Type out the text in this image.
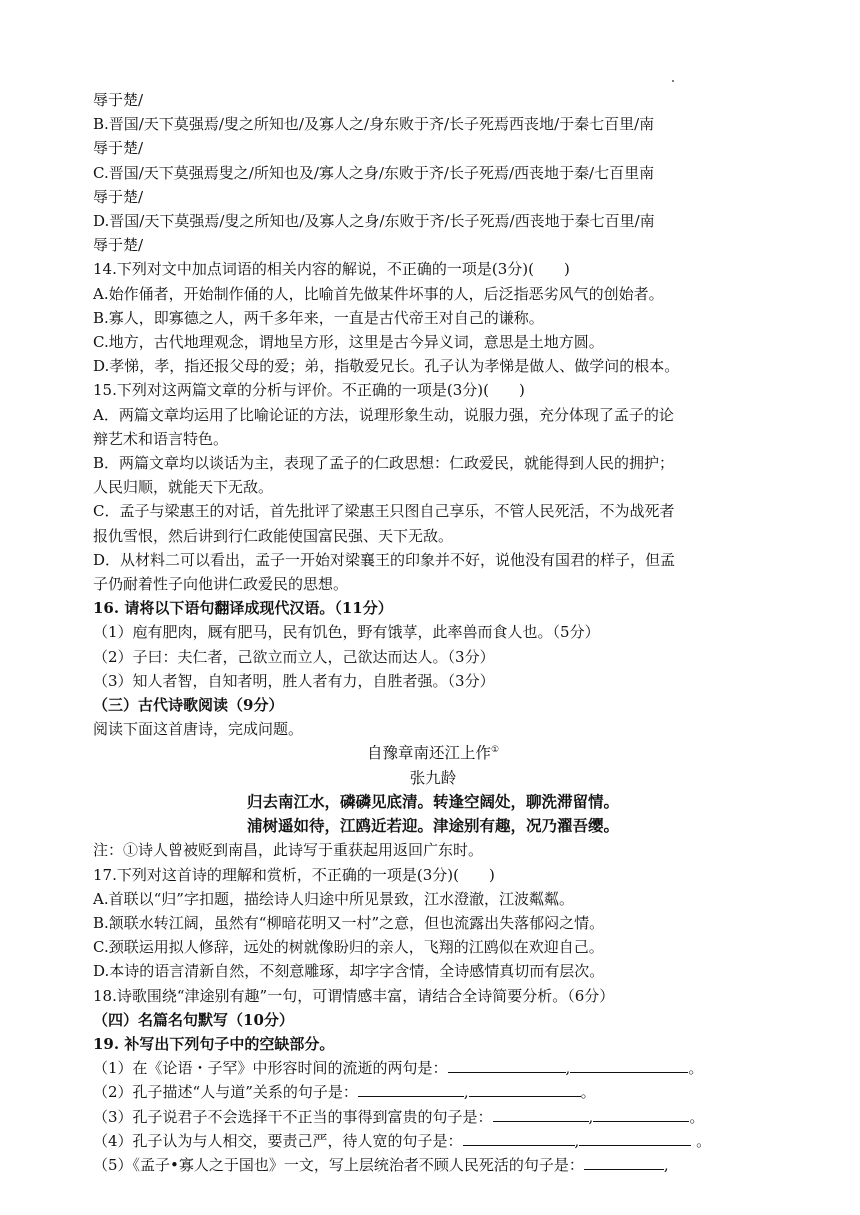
辱于楚/
B.晋国/天下莫强焉/叟之所知也/及寡人之/身东败于齐/长子死焉西丧地/于秦七百里/南
辱于楚/
C.晋国/天下莫强焉叟之/所知也及/寡人之身/东败于齐/长子死焉/西丧地于秦/七百里南
辱于楚/
D.晋国/天下莫强焉/叟之所知也/及寡人之身/东败于齐/长子死焉/西丧地于秦七百里/南
辱于楚/
14.下列对文中加点词语的相关内容的解说，不正确的一项是(3分)(　　)
A.始作俑者，开始制作俑的人，比喻首先做某件坏事的人，后泛指恶劣风气的创始者。
B.寡人，即寡德之人，两千多年来，一直是古代帝王对自己的谦称。
C.地方，古代地理观念，谓地呈方形，这里是古今异义词，意思是土地方圆。
D.孝悌，孝，指还报父母的爱；弟，指敬爱兄长。孔子认为孝悌是做人、做学问的根本。
15.下列对这两篇文章的分析与评价。不正确的一项是(3分)(　　)
A．两篇文章均运用了比喻论证的方法，说理形象生动，说服力强，充分体现了孟子的论
辩艺术和语言特色。
B．两篇文章均以谈话为主，表现了孟子的仁政思想：仁政爱民，就能得到人民的拥护；
人民归顺，就能天下无敌。
C．孟子与梁惠王的对话，首先批评了梁惠王只图自己享乐，不管人民死活，不为战死者
报仇雪恨，然后讲到行仁政能使国富民强、天下无敌。
D．从材料二可以看出，孟子一开始对梁襄王的印象并不好，说他没有国君的样子，但孟
子仍耐着性子向他讲仁政爱民的思想。
16. 请将以下语句翻译成现代汉语。（11分）
（1）庖有肥肉，厩有肥马，民有饥色，野有饿莩，此率兽而食人也。（5分）
（2）子曰：夫仁者，己欲立而立人，己欲达而达人。（3分）
（3）知人者智，自知者明，胜人者有力，自胜者强。（3分）
（三）古代诗歌阅读（9分）
阅读下面这首唐诗，完成问题。
自豫章南还江上作①
张九龄
归去南江水，磷磷见底清。转逢空阔处，聊洗滞留情。
浦树遥如待，江鸥近若迎。津途别有趣，况乃濯吾缨。
注：①诗人曾被贬到南昌，此诗写于重获起用返回广东时。
17.下列对这首诗的理解和赏析，不正确的一项是(3分)(　　)
A.首联以“归”字扣题，描绘诗人归途中所见景致，江水澄澈，江波粼粼。
B.颔联水转江阔，虽然有“柳暗花明又一村”之意，但也流露出失落郁闷之情。
C.颈联运用拟人修辞，远处的树就像盼归的亲人，飞翔的江鸥似在欢迎自己。
D.本诗的语言清新自然，不刻意雕琢，却字字含情，全诗感情真切而有层次。
18.诗歌围绕“津途别有趣”一句，可谓情感丰富，请结合全诗简要分析。（6分）
（四）名篇名句默写（10分）
19. 补写出下列句子中的空缺部分。
（1）在《论语・子罕》中形容时间的流逝的两句是：	,	。
（2）孔子描述“人与道”关系的句子是：	,	。
（3）孔子说君子不会选择干不正当的事得到富贵的句子是：	,	。
（4）孔子认为与人相交，要责己严，待人宽的句子是：	,	。
（5）《孟子•寡人之于国也》一文，写上层统治者不顾人民死活的句子是：	,
